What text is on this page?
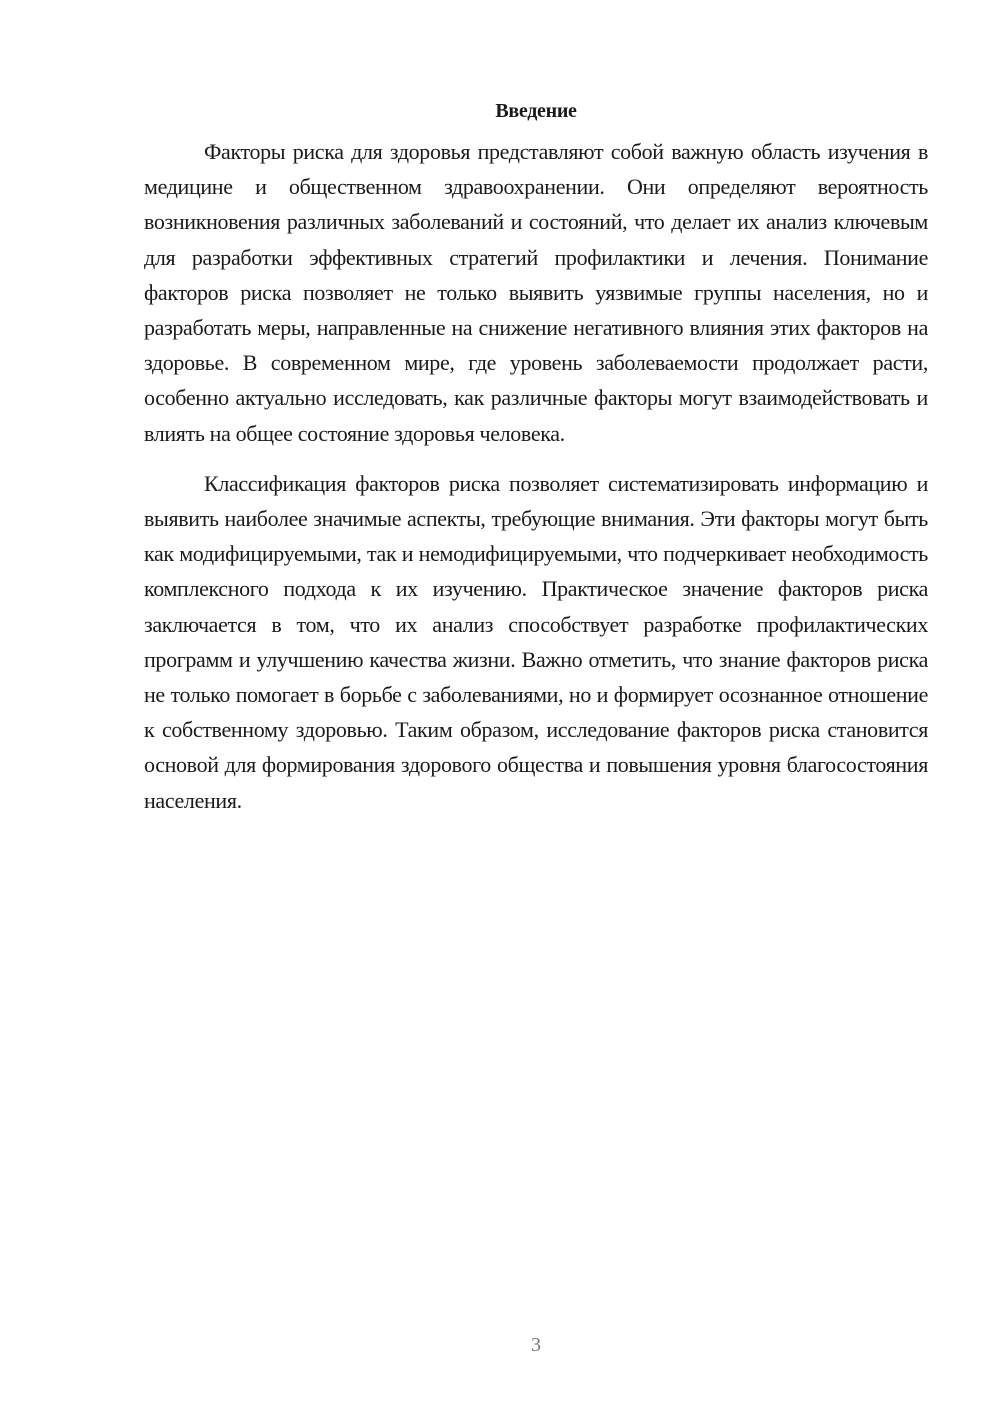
Введение

Факторы риска для здоровья представляют собой важную область изучения в медицине и общественном здравоохранении. Они определяют вероятность возникновения различных заболеваний и состояний, что делает их анализ ключевым для разработки эффективных стратегий профилактики и лечения. Понимание факторов риска позволяет не только выявить уязвимые группы населения, но и разработать меры, направленные на снижение негативного влияния этих факторов на здоровье. В современном мире, где уровень заболеваемости продолжает расти, особенно актуально исследовать, как различные факторы могут взаимодействовать и влиять на общее состояние здоровья человека.

Классификация факторов риска позволяет систематизировать информацию и выявить наиболее значимые аспекты, требующие внимания. Эти факторы могут быть как модифицируемыми, так и немодифицируемыми, что подчеркивает необходимость комплексного подхода к их изучению. Практическое значение факторов риска заключается в том, что их анализ способствует разработке профилактических программ и улучшению качества жизни. Важно отметить, что знание факторов риска не только помогает в борьбе с заболеваниями, но и формирует осознанное отношение к собственному здоровью. Таким образом, исследование факторов риска становится основой для формирования здорового общества и повышения уровня благосостояния населения.

3
